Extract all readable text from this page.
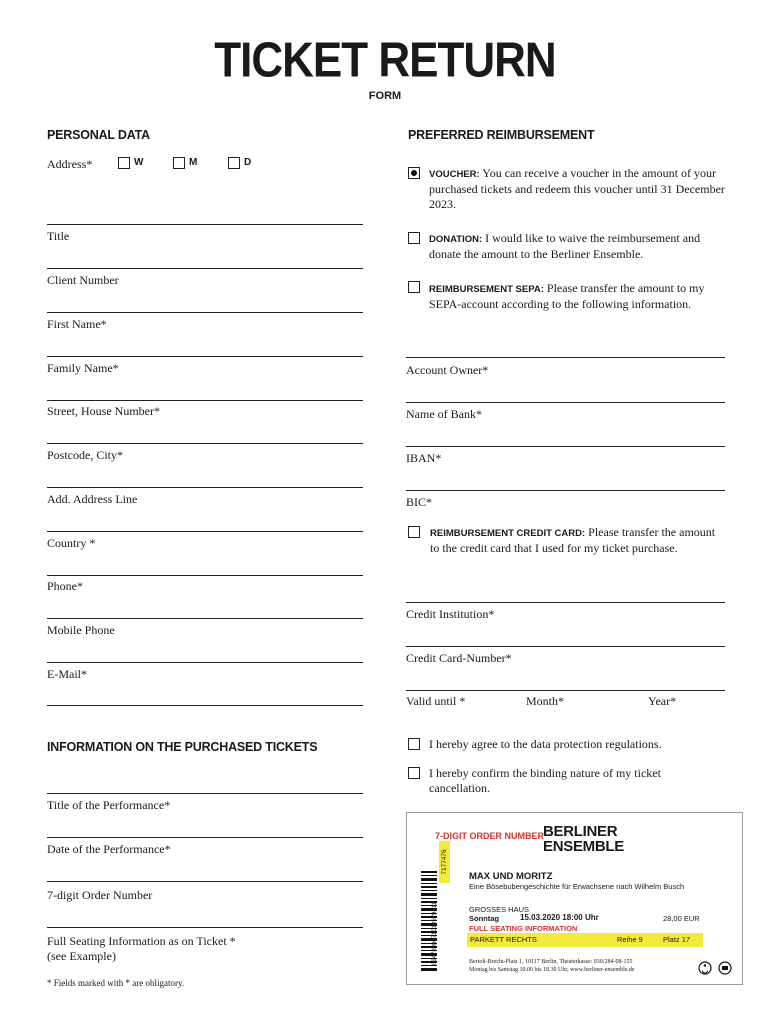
TICKET RETURN
FORM
PERSONAL DATA
Address*	W	M	D
Title
Client Number
First Name*
Family Name*
Street, House Number*
Postcode, City*
Add. Address Line
Country *
Phone*
Mobile Phone
E-Mail*
INFORMATION ON THE PURCHASED TICKETS
Title of the Performance*
Date of the Performance*
7-digit Order Number
Full Seating Information as on Ticket *
(see Example)
* Fields marked with * are obligatory.
PREFERRED REIMBURSEMENT
VOUCHER: You can receive a voucher in the amount of your purchased tickets and redeem this voucher until 31 December 2023.
DONATION: I would like to waive the reimbursement and donate the amount to the Berliner Ensemble.
REIMBURSEMENT SEPA: Please transfer the amount to my SEPA-account according to the following information.
Account Owner*
Name of Bank*
IBAN*
BIC*
REIMBURSEMENT CREDIT CARD: Please transfer the amount to the credit card that I used for my ticket purchase.
Credit Institution*
Credit Card-Number*
Valid until *	Month*	Year*
I hereby agree to the data protection regulations.
I hereby confirm the binding nature of my ticket cancellation.
8947898071010979411
7177476
7-DIGIT ORDER NUMBER
BERLINER
ENSEMBLE
MAX UND MORITZ
Eine Bösebubengeschichte für Erwachsene nach Wilhelm Busch
GROSSES HAUS
Sonntag	15.03.2020 18:00 Uhr	28,00 EUR
FULL SEATING INFORMATION
PARKETT RECHTS	Reihe 9	Platz 17
Bertolt-Brecht-Platz 1, 10117 Berlin, Theaterkasse: 030/284-08-155
Montag bis Samstag 10.00 bis 18.30 Uhr, www.berliner-ensemble.de
